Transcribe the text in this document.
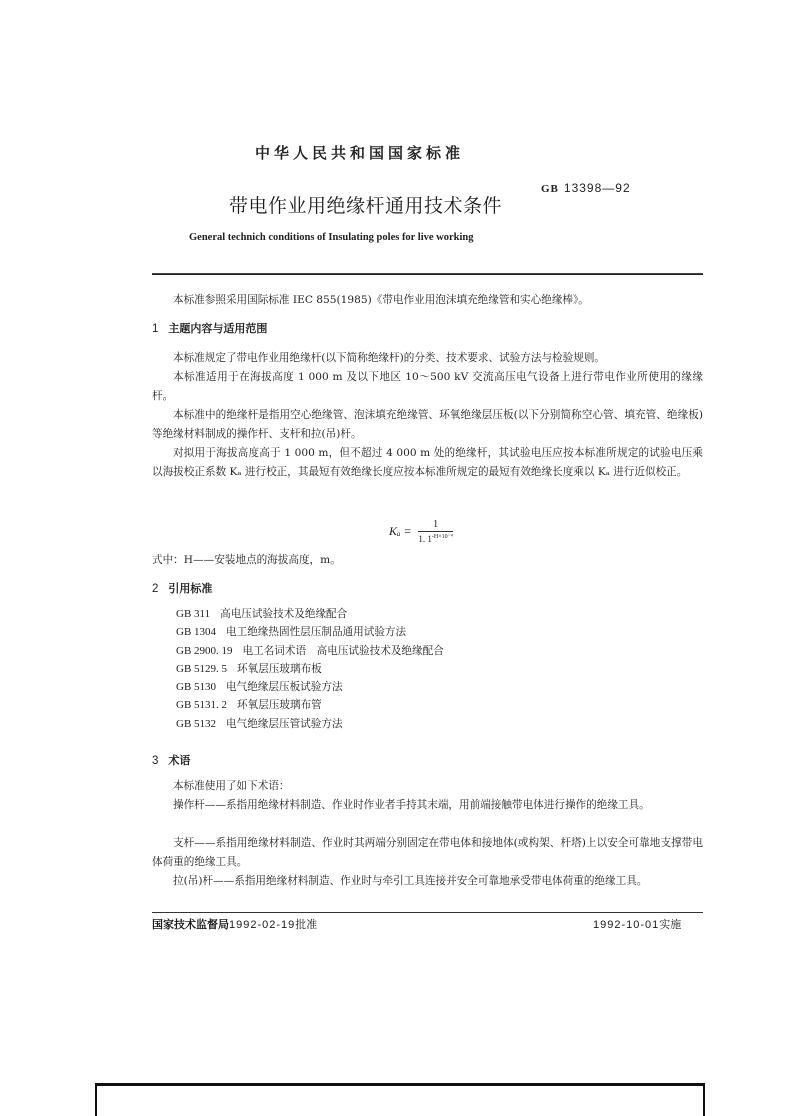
中华人民共和国国家标准
GB 13398—92
带电作业用绝缘杆通用技术条件
General technich conditions of Insulating poles for live working
本标准参照采用国际标准 IEC 855(1985)《带电作业用泡沫填充绝缘管和实心绝缘棒》。
1 主题内容与适用范围
本标准规定了带电作业用绝缘杆(以下简称绝缘杆)的分类、技术要求、试验方法与检验规则。
本标准适用于在海拔高度 1 000 m 及以下地区 10～500 kV 交流高压电气设备上进行带电作业所使用的缘缘杆。
本标准中的绝缘杆是指用空心绝缘管、泡沫填充绝缘管、环氧绝缘层压板(以下分别简称空心管、填充管、绝缘板)等绝缘材料制成的操作杆、支杆和拉(吊)杆。
对拟用于海拔高度高于 1 000 m，但不超过 4 000 m 处的绝缘杆，其试验电压应按本标准所规定的试验电压乘以海拔校正系数 Kₐ 进行校正，其最短有效绝缘长度应按本标准所规定的最短有效绝缘长度乘以 Kₐ 进行近似校正。
$K_a = \frac{1}{1. 1^{-H\times 10^{-4}}}$
式中：H——安装地点的海拔高度，m。
2 引用标准
GB 311 高电压试验技术及绝缘配合
GB 1304 电工绝缘热固性层压制品通用试验方法
GB 2900. 19 电工名词术语　高电压试验技术及绝缘配合
GB 5129. 5 环氧层压玻璃布板
GB 5130 电气绝缘层压板试验方法
GB 5131. 2 环氧层压玻璃布管
GB 5132 电气绝缘层压管试验方法
3 术语
本标准使用了如下术语：
操作杆——系指用绝缘材料制造、作业时作业者手持其末端，用前端接触带电体进行操作的绝缘工具。
支杆——系指用绝缘材料制造、作业时其两端分别固定在带电体和接地体(或构架、杆塔)上以安全可靠地支撑带电体荷重的绝缘工具。
拉(吊)杆——系指用绝缘材料制造、作业时与牵引工具连接并安全可靠地承受带电体荷重的绝缘工具。
国家技术监督局1992-02-19批准	1992-10-01实施
